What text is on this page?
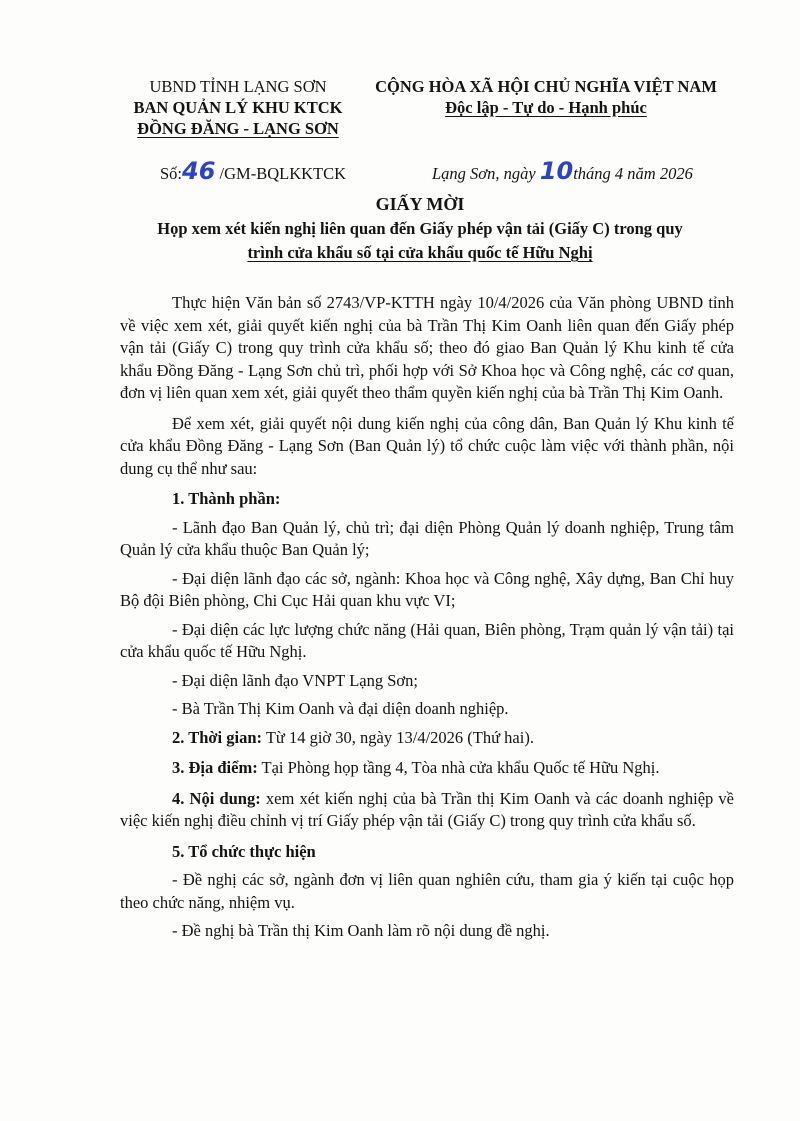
UBND TỈNH LẠNG SƠN
BAN QUẢN LÝ KHU KTCK
ĐỒNG ĐĂNG - LẠNG SƠN
CỘNG HÒA XÃ HỘI CHỦ NGHĨA VIỆT NAM
Độc lập - Tự do - Hạnh phúc
Số:46 /GM-BQLKKTCK	Lạng Sơn, ngày 10tháng 4 năm 2026
GIẤY MỜI
Họp xem xét kiến nghị liên quan đến Giấy phép vận tải (Giấy C) trong quy
trình cửa khẩu số tại cửa khẩu quốc tế Hữu Nghị

Thực hiện Văn bản số 2743/VP-KTTH ngày 10/4/2026 của Văn phòng UBND tỉnh về việc xem xét, giải quyết kiến nghị của bà Trần Thị Kim Oanh liên quan đến Giấy phép vận tải (Giấy C) trong quy trình cửa khẩu số; theo đó giao Ban Quản lý Khu kinh tế cửa khẩu Đồng Đăng - Lạng Sơn chủ trì, phối hợp với Sở Khoa học và Công nghệ, các cơ quan, đơn vị liên quan xem xét, giải quyết theo thẩm quyền kiến nghị của bà Trần Thị Kim Oanh.

Để xem xét, giải quyết nội dung kiến nghị của công dân, Ban Quản lý Khu kinh tế cửa khẩu Đồng Đăng - Lạng Sơn (Ban Quản lý) tổ chức cuộc làm việc với thành phần, nội dung cụ thể như sau:

1. Thành phần:

- Lãnh đạo Ban Quản lý, chủ trì; đại diện Phòng Quản lý doanh nghiệp, Trung tâm Quản lý cửa khẩu thuộc Ban Quản lý;

- Đại diện lãnh đạo các sở, ngành: Khoa học và Công nghệ, Xây dựng, Ban Chỉ huy Bộ đội Biên phòng, Chi Cục Hải quan khu vực VI;

- Đại diện các lực lượng chức năng (Hải quan, Biên phòng, Trạm quản lý vận tải) tại cửa khẩu quốc tế Hữu Nghị.

- Đại diện lãnh đạo VNPT Lạng Sơn;

- Bà Trần Thị Kim Oanh và đại diện doanh nghiệp.

2. Thời gian: Từ 14 giờ 30, ngày 13/4/2026 (Thứ hai).

3. Địa điểm: Tại Phòng họp tầng 4, Tòa nhà cửa khẩu Quốc tế Hữu Nghị.

4. Nội dung: xem xét kiến nghị của bà Trần thị Kim Oanh và các doanh nghiệp về việc kiến nghị điều chỉnh vị trí Giấy phép vận tải (Giấy C) trong quy trình cửa khẩu số.

5. Tổ chức thực hiện

- Đề nghị các sở, ngành đơn vị liên quan nghiên cứu, tham gia ý kiến tại cuộc họp theo chức năng, nhiệm vụ.

- Đề nghị bà Trần thị Kim Oanh làm rõ nội dung đề nghị.
